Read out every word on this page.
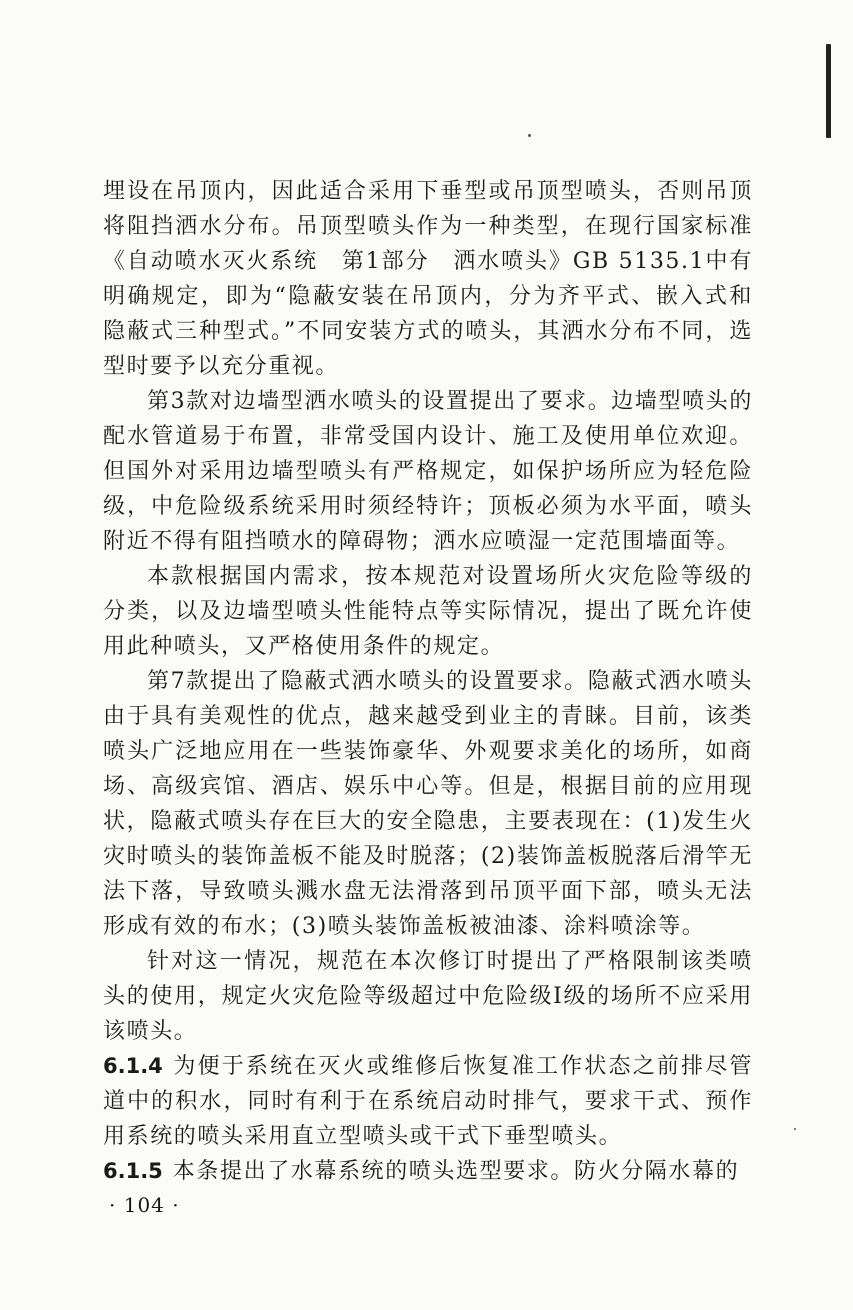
埋设在吊顶内，因此适合采用下垂型或吊顶型喷头，否则吊顶将阻挡洒水分布。吊顶型喷头作为一种类型，在现行国家标准《自动喷水灭火系统　第1部分　洒水喷头》GB 5135.1中有明确规定，即为“隐蔽安装在吊顶内，分为齐平式、嵌入式和隐蔽式三种型式。”不同安装方式的喷头，其洒水分布不同，选型时要予以充分重视。

第3款对边墙型洒水喷头的设置提出了要求。边墙型喷头的配水管道易于布置，非常受国内设计、施工及使用单位欢迎。但国外对采用边墙型喷头有严格规定，如保护场所应为轻危险级，中危险级系统采用时须经特许；顶板必须为水平面，喷头附近不得有阻挡喷水的障碍物；洒水应喷湿一定范围墙面等。

本款根据国内需求，按本规范对设置场所火灾危险等级的分类，以及边墙型喷头性能特点等实际情况，提出了既允许使用此种喷头，又严格使用条件的规定。

第7款提出了隐蔽式洒水喷头的设置要求。隐蔽式洒水喷头由于具有美观性的优点，越来越受到业主的青睐。目前，该类喷头广泛地应用在一些装饰豪华、外观要求美化的场所，如商场、高级宾馆、酒店、娱乐中心等。但是，根据目前的应用现状，隐蔽式喷头存在巨大的安全隐患，主要表现在：(1)发生火灾时喷头的装饰盖板不能及时脱落；(2)装饰盖板脱落后滑竿无法下落，导致喷头溅水盘无法滑落到吊顶平面下部，喷头无法形成有效的布水；(3)喷头装饰盖板被油漆、涂料喷涂等。

针对这一情况，规范在本次修订时提出了严格限制该类喷头的使用，规定火灾危险等级超过中危险级Ⅰ级的场所不应采用该喷头。

6.1.4 为便于系统在灭火或维修后恢复准工作状态之前排尽管道中的积水，同时有利于在系统启动时排气，要求干式、预作用系统的喷头采用直立型喷头或干式下垂型喷头。

6.1.5 本条提出了水幕系统的喷头选型要求。防火分隔水幕的

· 104 ·
